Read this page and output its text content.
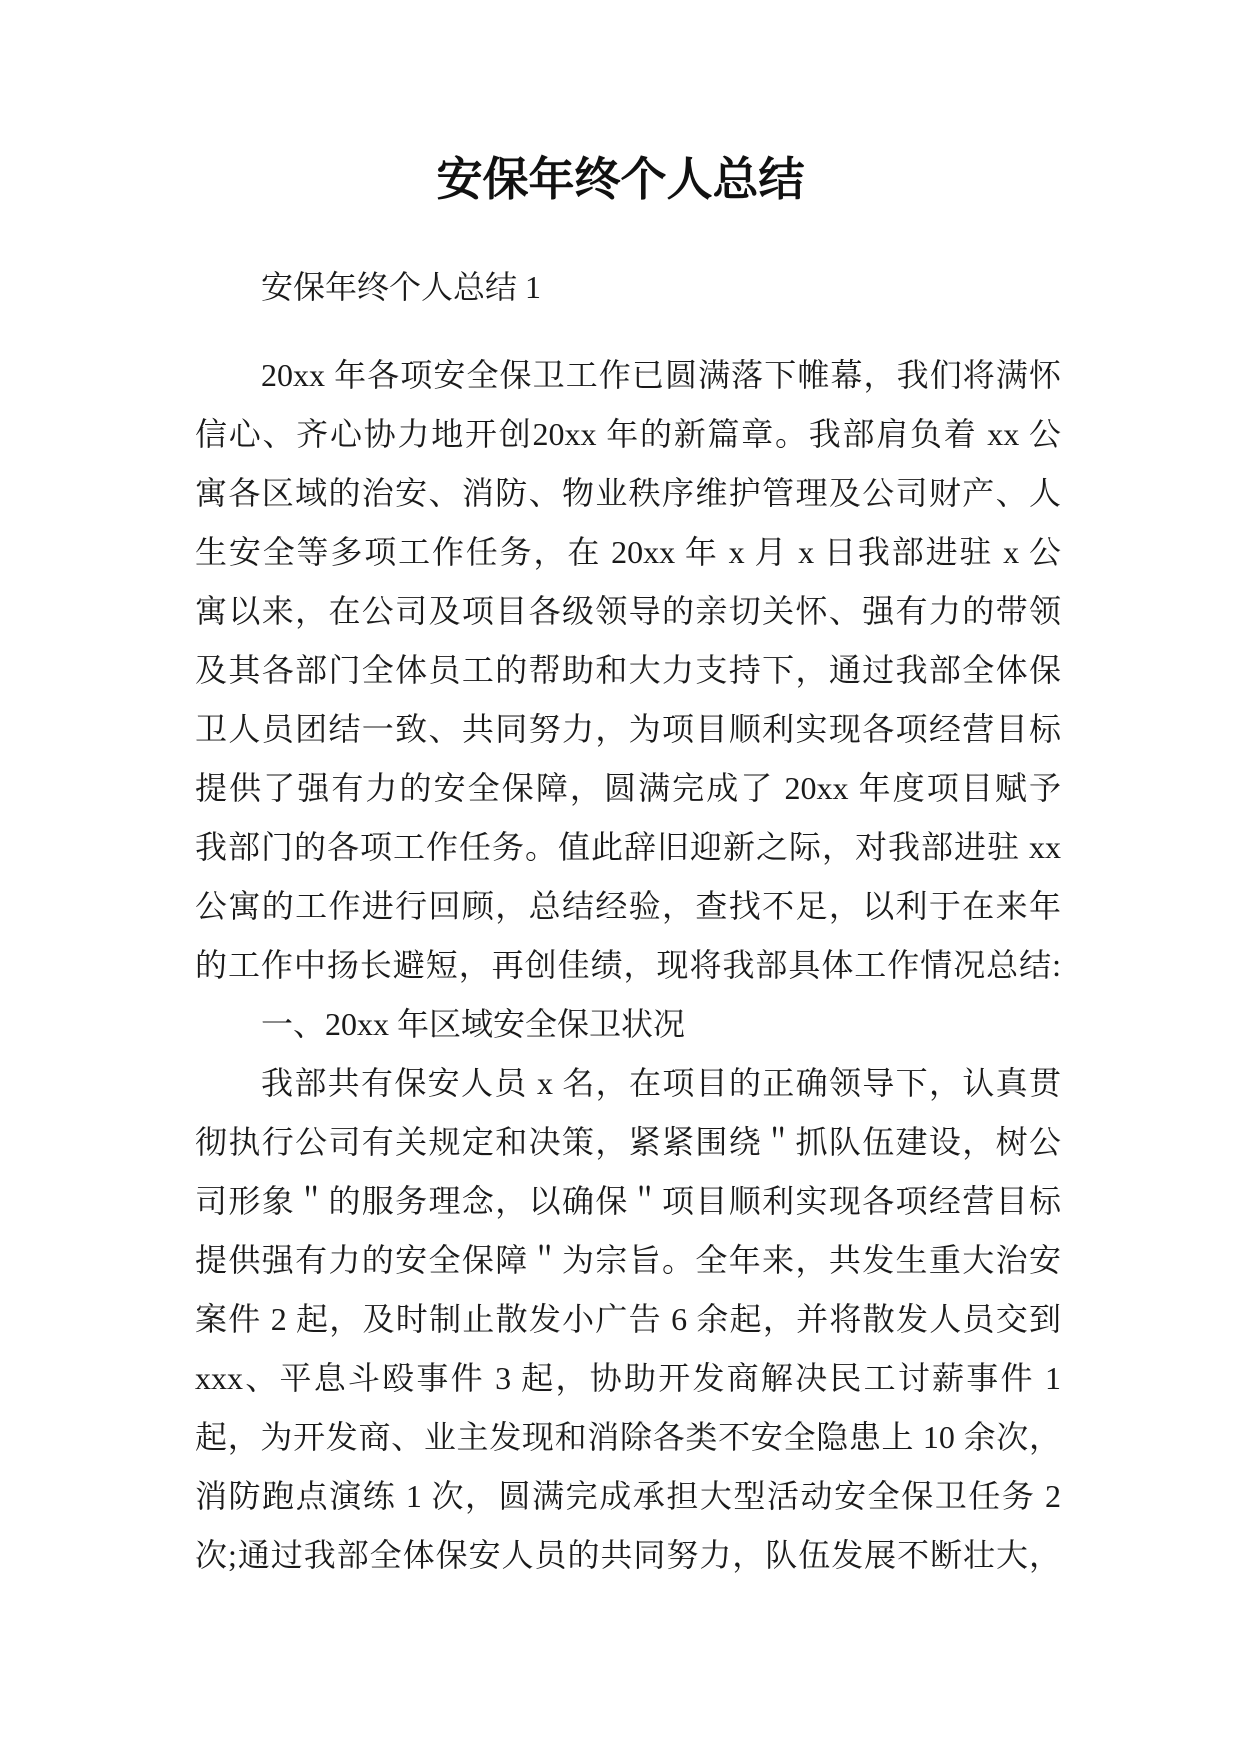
安保年终个人总结
安保年终个人总结 1
20xx 年各项安全保卫工作已圆满落下帷幕，我们将满怀
信心、齐心协力地开创20xx 年的新篇章。我部肩负着 xx 公
寓各区域的治安、消防、物业秩序维护管理及公司财产、人
生安全等多项工作任务，在 20xx 年 x 月 x 日我部进驻 x 公
寓以来，在公司及项目各级领导的亲切关怀、强有力的带领
及其各部门全体员工的帮助和大力支持下，通过我部全体保
卫人员团结一致、共同努力，为项目顺利实现各项经营目标
提供了强有力的安全保障，圆满完成了 20xx 年度项目赋予
我部门的各项工作任务。值此辞旧迎新之际，对我部进驻 xx
公寓的工作进行回顾，总结经验，查找不足，以利于在来年
的工作中扬长避短，再创佳绩，现将我部具体工作情况总结:
一、20xx 年区域安全保卫状况
我部共有保安人员 x 名，在项目的正确领导下，认真贯
彻执行公司有关规定和决策，紧紧围绕＂抓队伍建设，树公
司形象＂的服务理念，以确保＂项目顺利实现各项经营目标
提供强有力的安全保障＂为宗旨。全年来，共发生重大治安
案件 2 起，及时制止散发小广告 6 余起，并将散发人员交到
xxx、平息斗殴事件 3 起，协助开发商解决民工讨薪事件 1
起，为开发商、业主发现和消除各类不安全隐患上 10 余次，
消防跑点演练 1 次，圆满完成承担大型活动安全保卫任务 2
次;通过我部全体保安人员的共同努力，队伍发展不断壮大，
